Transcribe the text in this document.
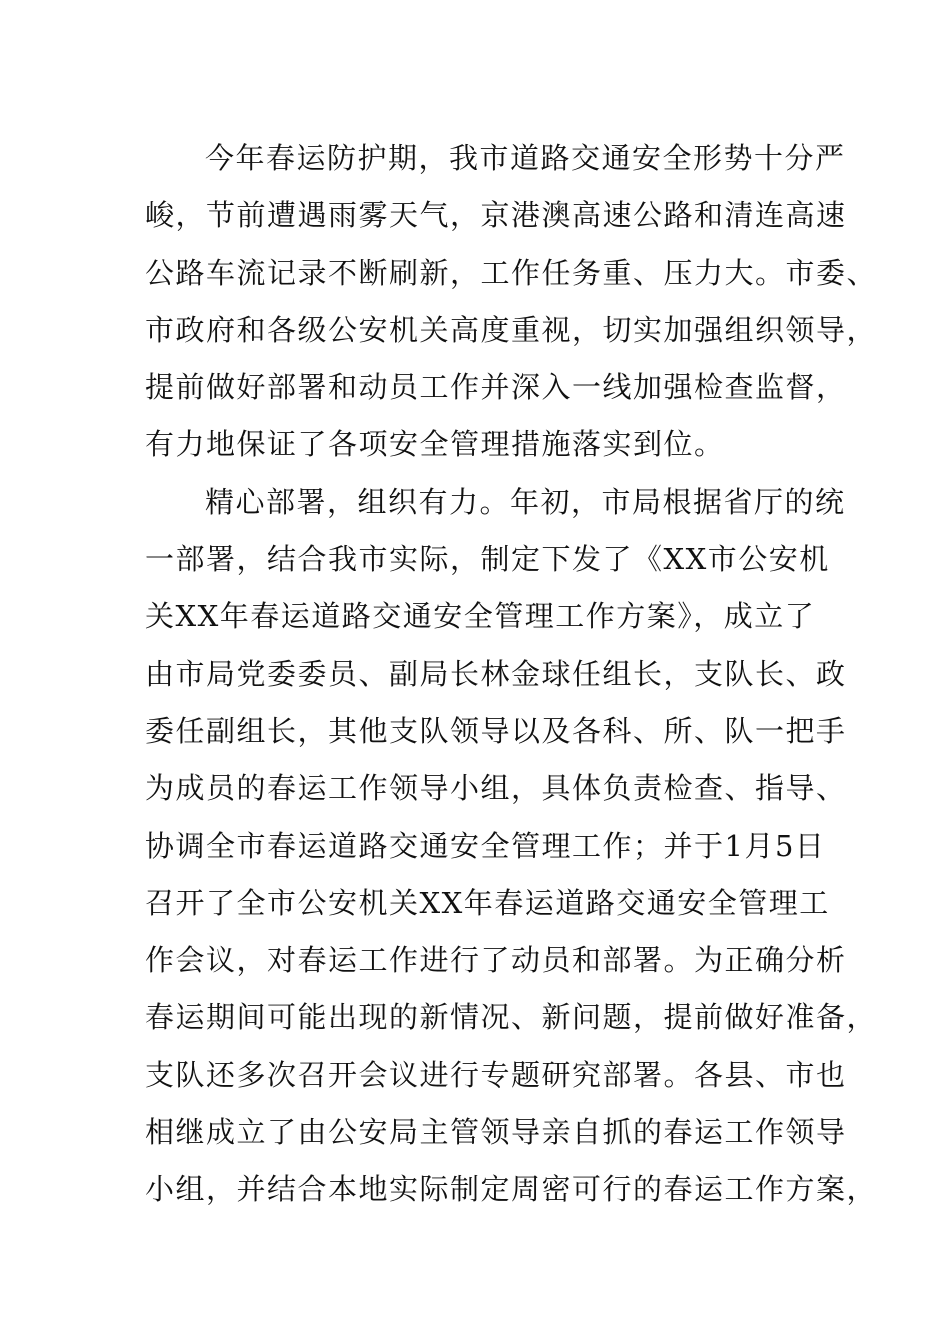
今年春运防护期，我市道路交通安全形势十分严
峻，节前遭遇雨雾天气，京港澳高速公路和清连高速
公路车流记录不断刷新，工作任务重、压力大。市委、
市政府和各级公安机关高度重视，切实加强组织领导，
提前做好部署和动员工作并深入一线加强检查监督，
有力地保证了各项安全管理措施落实到位。
精心部署，组织有力。年初，市局根据省厅的统
一部署，结合我市实际，制定下发了《XX市公安机
关XX年春运道路交通安全管理工作方案》，成立了
由市局党委委员、副局长林金球任组长，支队长、政
委任副组长，其他支队领导以及各科、所、队一把手
为成员的春运工作领导小组，具体负责检查、指导、
协调全市春运道路交通安全管理工作；并于1月5日
召开了全市公安机关XX年春运道路交通安全管理工
作会议，对春运工作进行了动员和部署。为正确分析
春运期间可能出现的新情况、新问题，提前做好准备，
支队还多次召开会议进行专题研究部署。各县、市也
相继成立了由公安局主管领导亲自抓的春运工作领导
小组，并结合本地实际制定周密可行的春运工作方案，
